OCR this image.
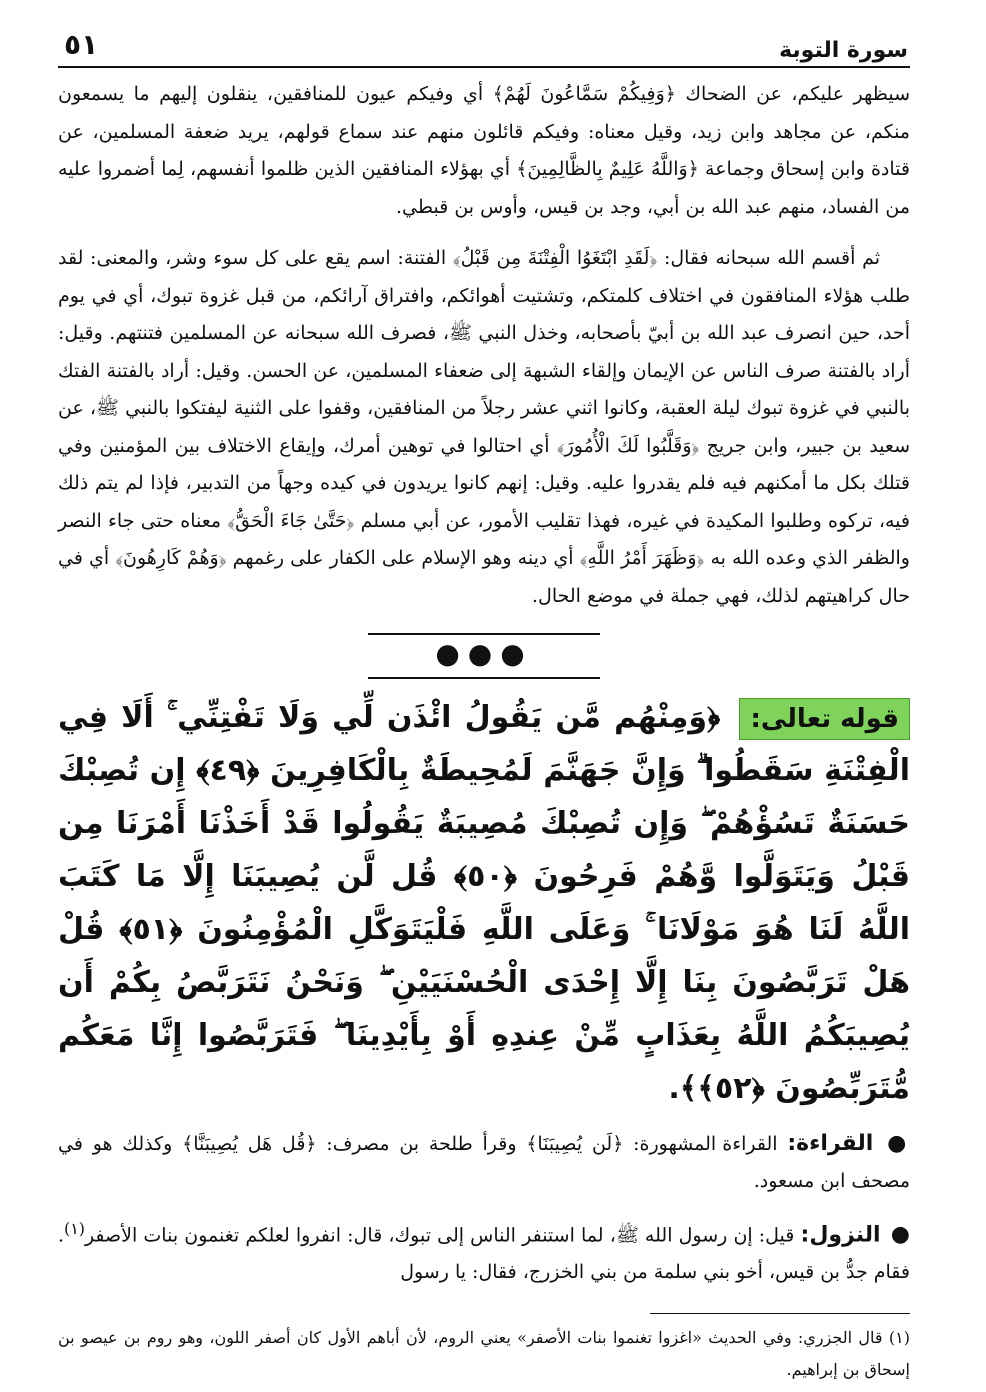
٥١	سورة التوبة

سيظهر عليكم، عن الضحاك ﴿وَفِيكُمْ سَمَّاعُونَ لَهُمْ﴾ أي وفيكم عيون للمنافقين، ينقلون إليهم ما يسمعون منكم، عن مجاهد وابن زيد، وقيل معناه: وفيكم قائلون منهم عند سماع قولهم، يريد ضعفة المسلمين، عن قتادة وابن إسحاق وجماعة ﴿وَاللَّهُ عَلِيمٌ بِالظَّالِمِينَ﴾ أي بهؤلاء المنافقين الذين ظلموا أنفسهم، لِما أضمروا عليه من الفساد، منهم عبد الله بن أبي، وجد بن قيس، وأوس بن قبطي.

ثم أقسم الله سبحانه فقال: ﴿لَقَدِ ابْتَغَوُا الْفِتْنَةَ مِن قَبْلُ﴾ الفتنة: اسم يقع على كل سوء وشر، والمعنى: لقد طلب هؤلاء المنافقون في اختلاف كلمتكم، وتشتيت أهوائكم، وافتراق آرائكم، من قبل غزوة تبوك، أي في يوم أحد، حين انصرف عبد الله بن أبيّ بأصحابه، وخذل النبي ﷺ، فصرف الله سبحانه عن المسلمين فتنتهم. وقيل: أراد بالفتنة صرف الناس عن الإيمان وإلقاء الشبهة إلى ضعفاء المسلمين، عن الحسن. وقيل: أراد بالفتنة الفتك بالنبي في غزوة تبوك ليلة العقبة، وكانوا اثني عشر رجلاً من المنافقين، وقفوا على الثنية ليفتكوا بالنبي ﷺ، عن سعيد بن جبير، وابن جريج ﴿وَقَلَّبُوا لَكَ الْأُمُورَ﴾ أي احتالوا في توهين أمرك، وإيقاع الاختلاف بين المؤمنين وفي قتلك بكل ما أمكنهم فيه فلم يقدروا عليه. وقيل: إنهم كانوا يريدون في كيده وجهاً من التدبير، فإذا لم يتم ذلك فيه، تركوه وطلبوا المكيدة في غيره، فهذا تقليب الأمور، عن أبي مسلم ﴿حَتَّىٰ جَاءَ الْحَقُّ﴾ معناه حتى جاء النصر والظفر الذي وعده الله به ﴿وَظَهَرَ أَمْرُ اللَّهِ﴾ أي دينه وهو الإسلام على الكفار على رغمهم ﴿وَهُمْ كَارِهُونَ﴾ أي في حال كراهيتهم لذلك، فهي جملة في موضع الحال.

●●●

قوله تعالى: ﴿وَمِنْهُم مَّن يَقُولُ ائْذَن لِّي وَلَا تَفْتِنِّي ۚ أَلَا فِي الْفِتْنَةِ سَقَطُوا ۗ وَإِنَّ جَهَنَّمَ لَمُحِيطَةٌ بِالْكَافِرِينَ ﴿٤٩﴾ إِن تُصِبْكَ حَسَنَةٌ تَسُؤْهُمْ ۖ وَإِن تُصِبْكَ مُصِيبَةٌ يَقُولُوا قَدْ أَخَذْنَا أَمْرَنَا مِن قَبْلُ وَيَتَوَلَّوا وَّهُمْ فَرِحُونَ ﴿٥٠﴾ قُل لَّن يُصِيبَنَا إِلَّا مَا كَتَبَ اللَّهُ لَنَا هُوَ مَوْلَانَا ۚ وَعَلَى اللَّهِ فَلْيَتَوَكَّلِ الْمُؤْمِنُونَ ﴿٥١﴾ قُلْ هَلْ تَرَبَّصُونَ بِنَا إِلَّا إِحْدَى الْحُسْنَيَيْنِ ۖ وَنَحْنُ نَتَرَبَّصُ بِكُمْ أَن يُصِيبَكُمُ اللَّهُ بِعَذَابٍ مِّنْ عِندِهِ أَوْ بِأَيْدِينَا ۖ فَتَرَبَّصُوا إِنَّا مَعَكُم مُّتَرَبِّصُونَ ﴿٥٢﴾﴾.

● القراءة: القراءة المشهورة: ﴿لَن يُصِيبَنَا﴾ وقرأ طلحة بن مصرف: ﴿قُل هَل يُصِيبَنَّا﴾ وكذلك هو في مصحف ابن مسعود.

● النزول: قيل: إن رسول الله ﷺ، لما استنفر الناس إلى تبوك، قال: انفروا لعلكم تغنمون بنات الأصفر$^{(١)}$. فقام جدُّ بن قيس، أخو بني سلمة من بني الخزرج، فقال: يا رسول

(١) قال الجزري: وفي الحديث «اغزوا تغنموا بنات الأصفر» يعني الروم، لأن أباهم الأول كان أصفر اللون، وهو روم بن عيصو بن إسحاق بن إبراهيم.
